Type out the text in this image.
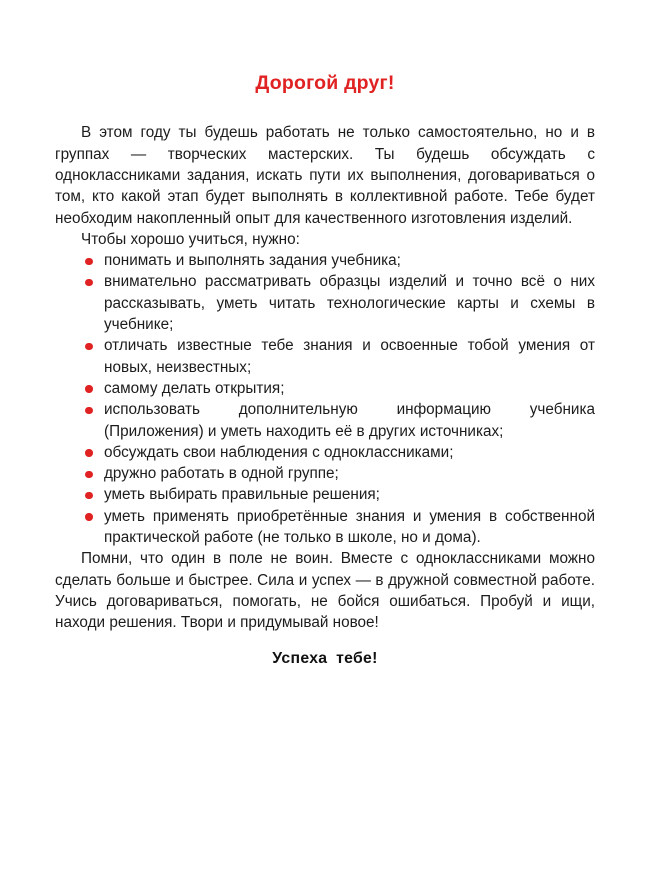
Дорогой друг!

В этом году ты будешь работать не только самостоятельно, но и в группах — творческих мастерских. Ты будешь обсуждать с одноклассниками задания, искать пути их выполнения, договариваться о том, кто какой этап будет выполнять в коллективной работе. Тебе будет необходим накопленный опыт для качественного изготовления изделий.

Чтобы хорошо учиться, нужно:

понимать и выполнять задания учебника;
внимательно рассматривать образцы изделий и точно всё о них рассказывать, уметь читать технологические карты и схемы в учебнике;
отличать известные тебе знания и освоенные тобой умения от новых, неизвестных;
самому делать открытия;
использовать дополнительную информацию учебника (Приложения) и уметь находить её в других источниках;
обсуждать свои наблюдения с одноклассниками;
дружно работать в одной группе;
уметь выбирать правильные решения;
уметь применять приобретённые знания и умения в собственной практической работе (не только в школе, но и дома).

Помни, что один в поле не воин. Вместе с одноклассниками можно сделать больше и быстрее. Сила и успех — в дружной совместной работе. Учись договариваться, помогать, не бойся ошибаться. Пробуй и ищи, находи решения. Твори и придумывай новое!

Успеха тебе!
